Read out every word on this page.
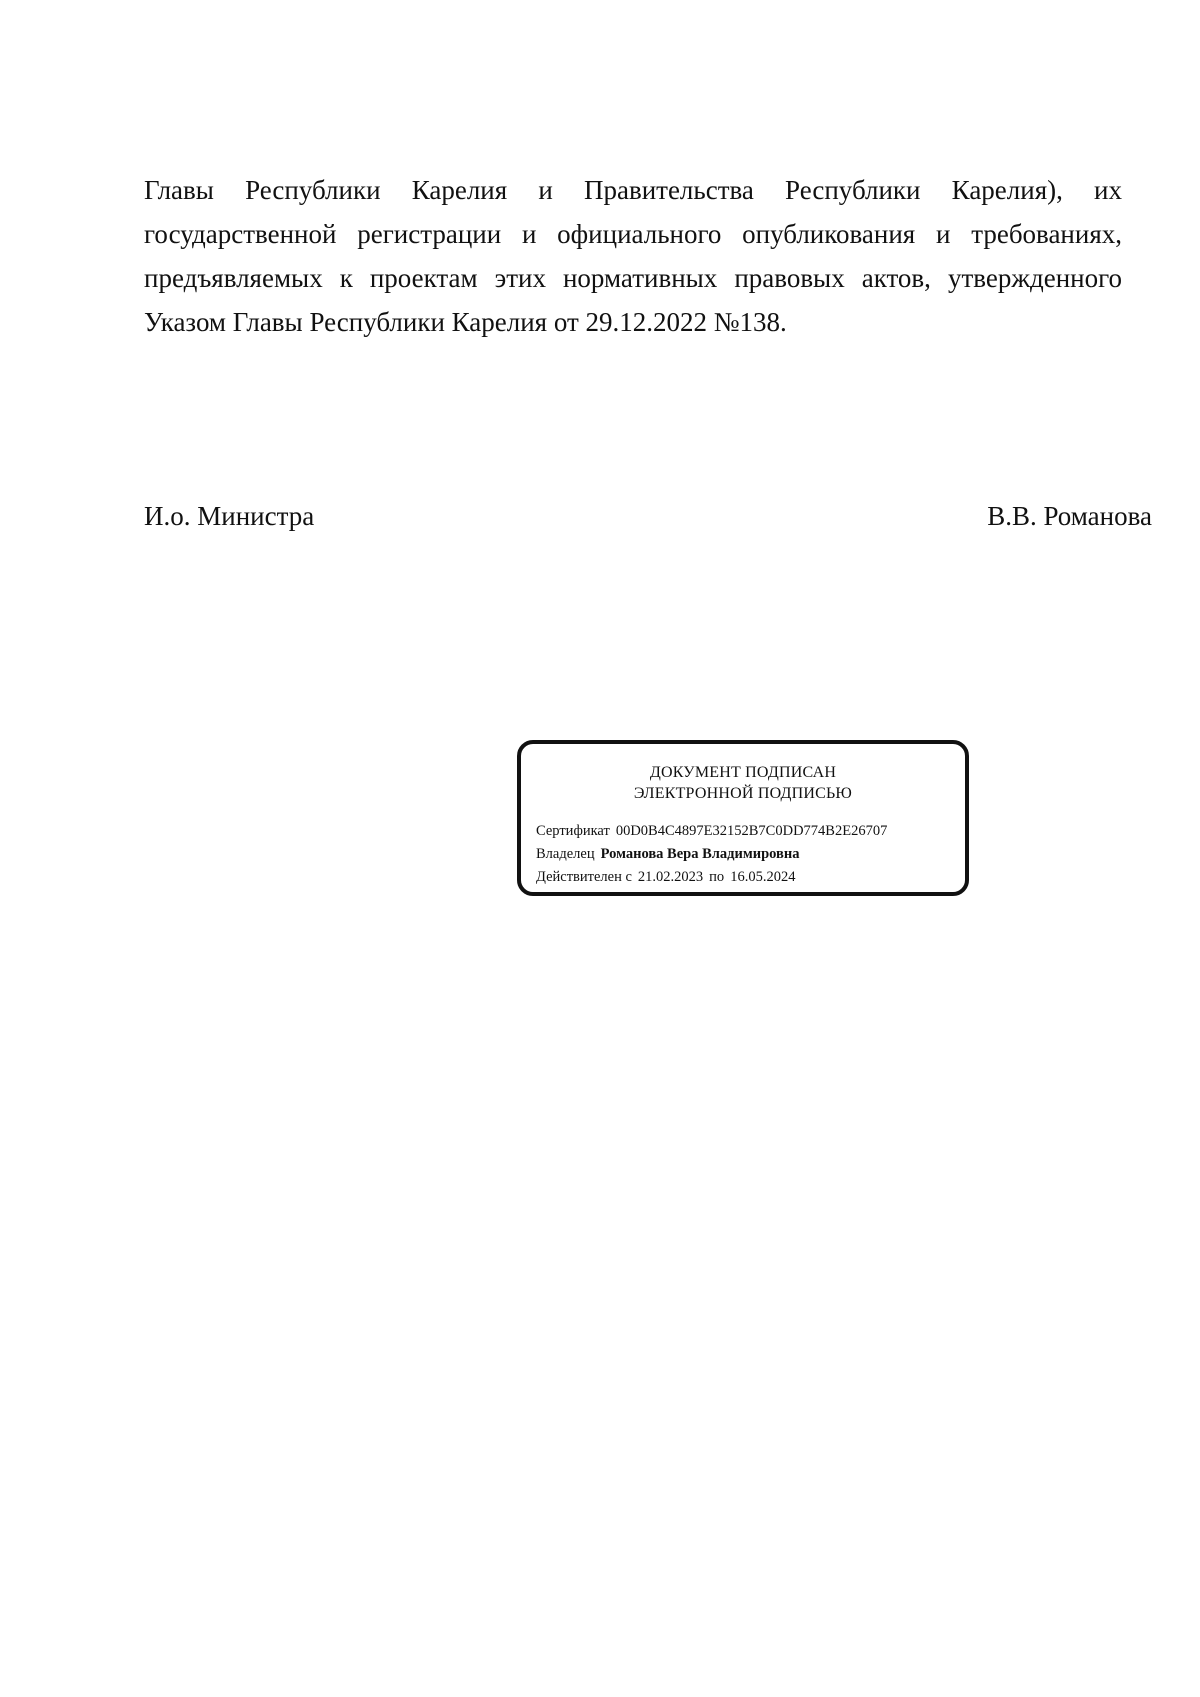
Главы Республики Карелия и Правительства Республики Карелия), их
государственной регистрации и официального опубликования и требованиях,
предъявляемых к проектам этих нормативных правовых актов, утвержденного
Указом Главы Республики Карелия от 29.12.2022 №138.
И.о. Министра	В.В. Романова
ДОКУМЕНТ ПОДПИСАН
ЭЛЕКТРОННОЙ ПОДПИСЬЮ
Сертификат 00D0B4C4897E32152B7C0DD774B2E26707
Владелец Романова Вера Владимировна
Действителен с 21.02.2023 по 16.05.2024
